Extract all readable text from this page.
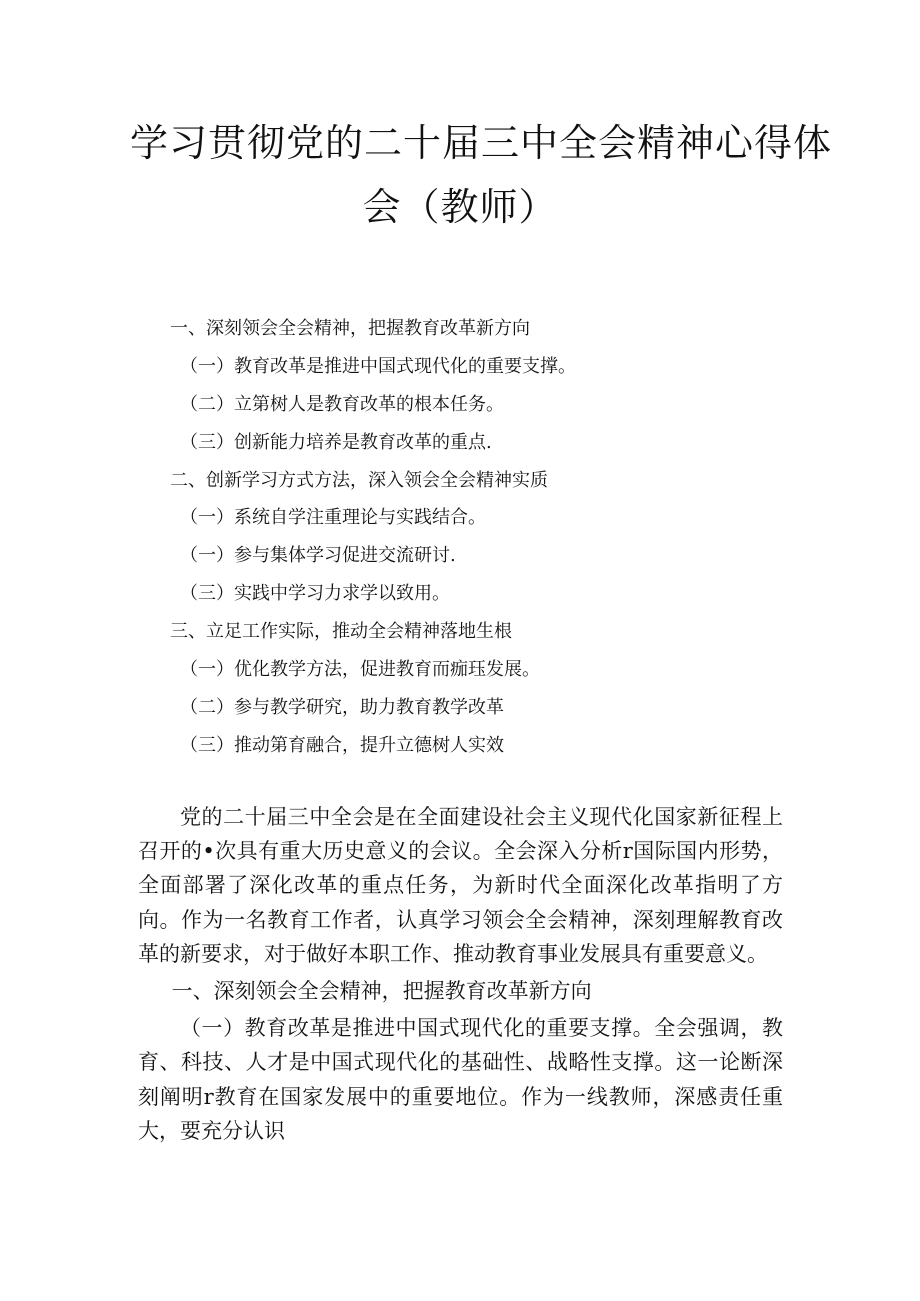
学习贯彻党的二十届三中全会精神心得体
会（教师）
一、深刻领会全会精神，把握教育改革新方向
（一）教育改革是推进中国式现代化的重要支撑。
（二）立第树人是教育改革的根本任务。
（三）创新能力培养是教育改革的重点.
二、创新学习方式方法，深入领会全会精神实质
（一）系统自学注重理论与实践结合。
（一）参与集体学习促进交流研讨.
（三）实践中学习力求学以致用。
三、立足工作实际，推动全会精神落地生根
（一）优化教学方法，促进教育而痂珏发展。
（二）参与教学研究，助力教育教学改革
（三）推动第育融合，提升立德树人实效

党的二十届三中全会是在全面建设社会主义现代化国家新征程上召开的•次具有重大历史意义的会议。全会深入分析r国际国内形势，全面部署了深化改革的重点任务，为新时代全面深化改革指明了方向。作为一名教育工作者，认真学习领会全会精神，深刻理解教育改革的新要求，对于做好本职工作、推动教育事业发展具有重要意义。

一、深刻领会全会精神，把握教育改革新方向

（一）教育改革是推进中国式现代化的重要支撑。全会强调，教育、科技、人才是中国式现代化的基础性、战略性支撑。这一论断深刻阐明r教育在国家发展中的重要地位。作为一线教师，深感责任重大，要充分认识
